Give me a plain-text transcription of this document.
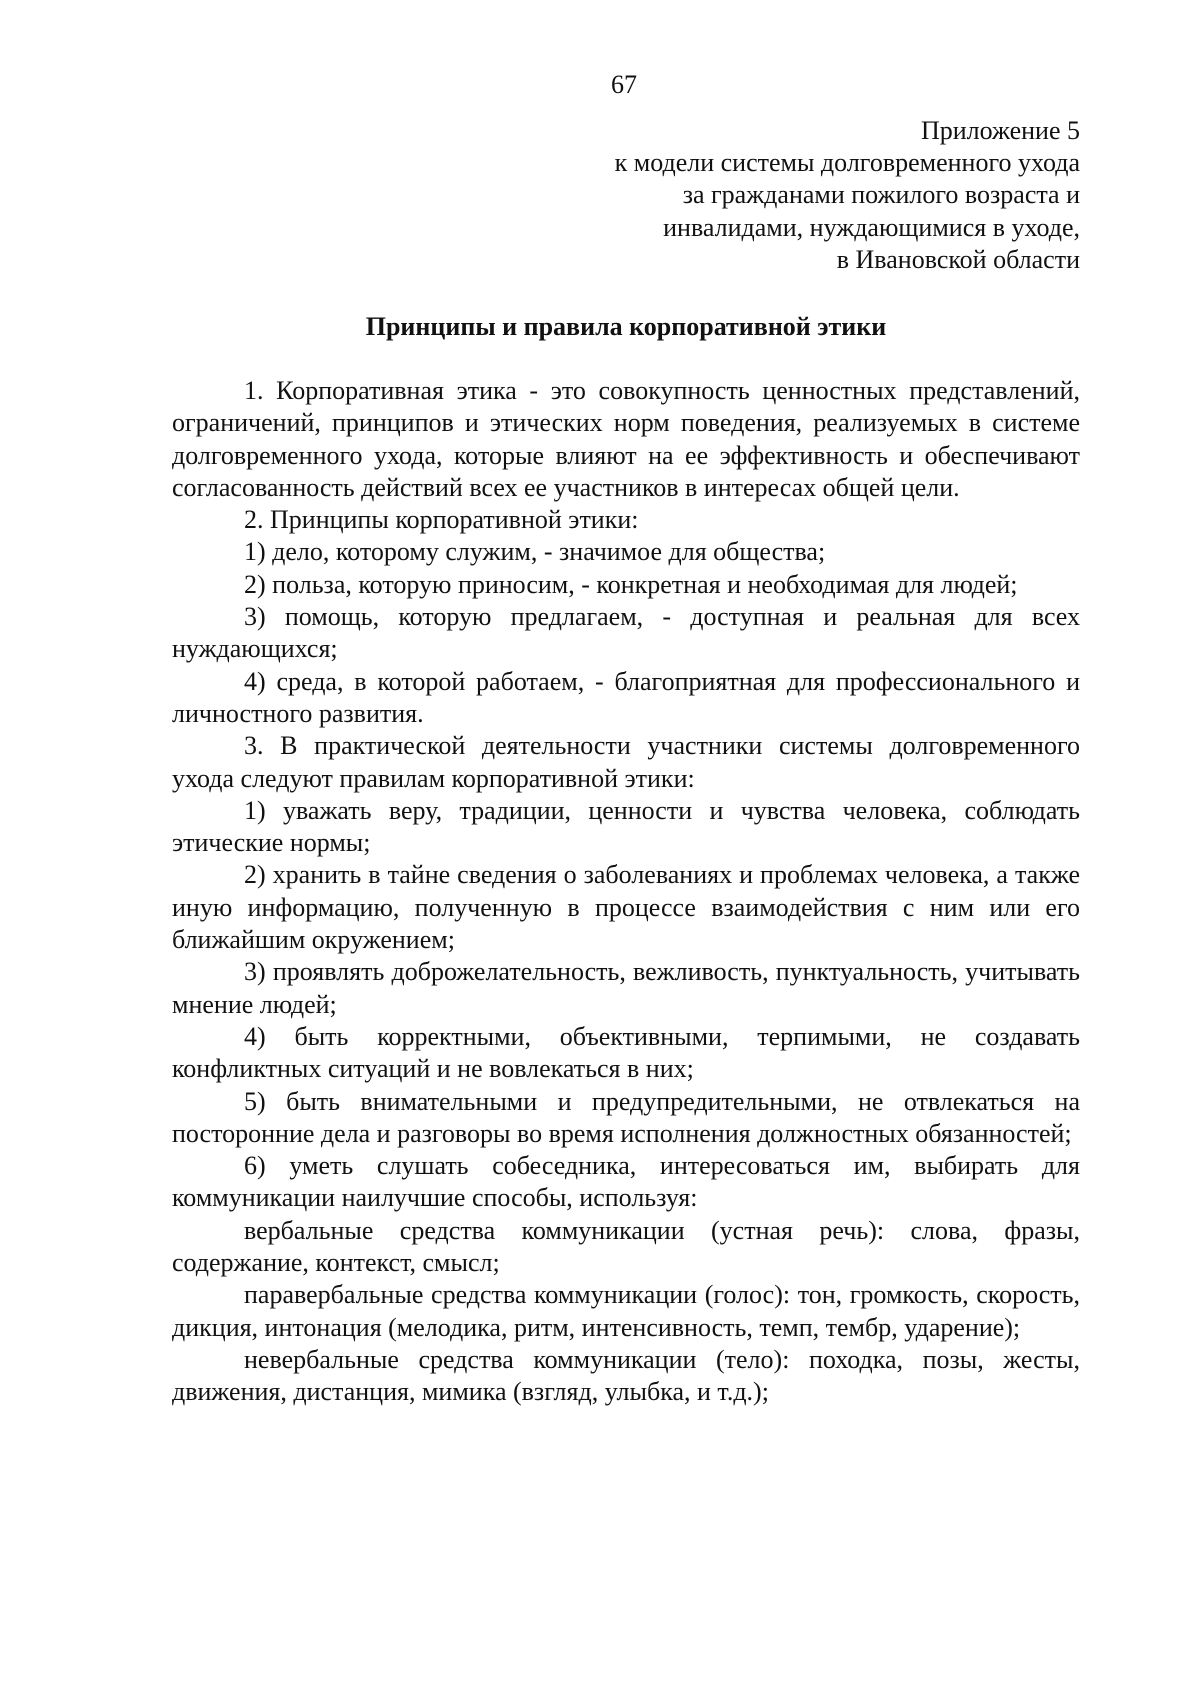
67
Приложение 5
к модели системы долговременного ухода
за гражданами пожилого возраста и
инвалидами, нуждающимися в уходе,
в Ивановской области
Принципы и правила корпоративной этики

1. Корпоративная этика - это совокупность ценностных представлений, ограничений, принципов и этических норм поведения, реализуемых в системе долговременного ухода, которые влияют на ее эффективность и обеспечивают согласованность действий всех ее участников в интересах общей цели.

2. Принципы корпоративной этики:

1) дело, которому служим, - значимое для общества;

2) польза, которую приносим, - конкретная и необходимая для людей;

3) помощь, которую предлагаем, - доступная и реальная для всех нуждающихся;

4) среда, в которой работаем, - благоприятная для профессионального и личностного развития.

3. В практической деятельности участники системы долговременного ухода следуют правилам корпоративной этики:

1) уважать веру, традиции, ценности и чувства человека, соблюдать этические нормы;

2) хранить в тайне сведения о заболеваниях и проблемах человека, а также иную информацию, полученную в процессе взаимодействия с ним или его ближайшим окружением;

3) проявлять доброжелательность, вежливость, пунктуальность, учитывать мнение людей;

4) быть корректными, объективными, терпимыми, не создавать конфликтных ситуаций и не вовлекаться в них;

5) быть внимательными и предупредительными, не отвлекаться на посторонние дела и разговоры во время исполнения должностных обязанностей;

6) уметь слушать собеседника, интересоваться им, выбирать для коммуникации наилучшие способы, используя:

вербальные средства коммуникации (устная речь): слова, фразы, содержание, контекст, смысл;

паравербальные средства коммуникации (голос): тон, громкость, скорость, дикция, интонация (мелодика, ритм, интенсивность, темп, тембр, ударение);

невербальные средства коммуникации (тело): походка, позы, жесты, движения, дистанция, мимика (взгляд, улыбка, и т.д.);
